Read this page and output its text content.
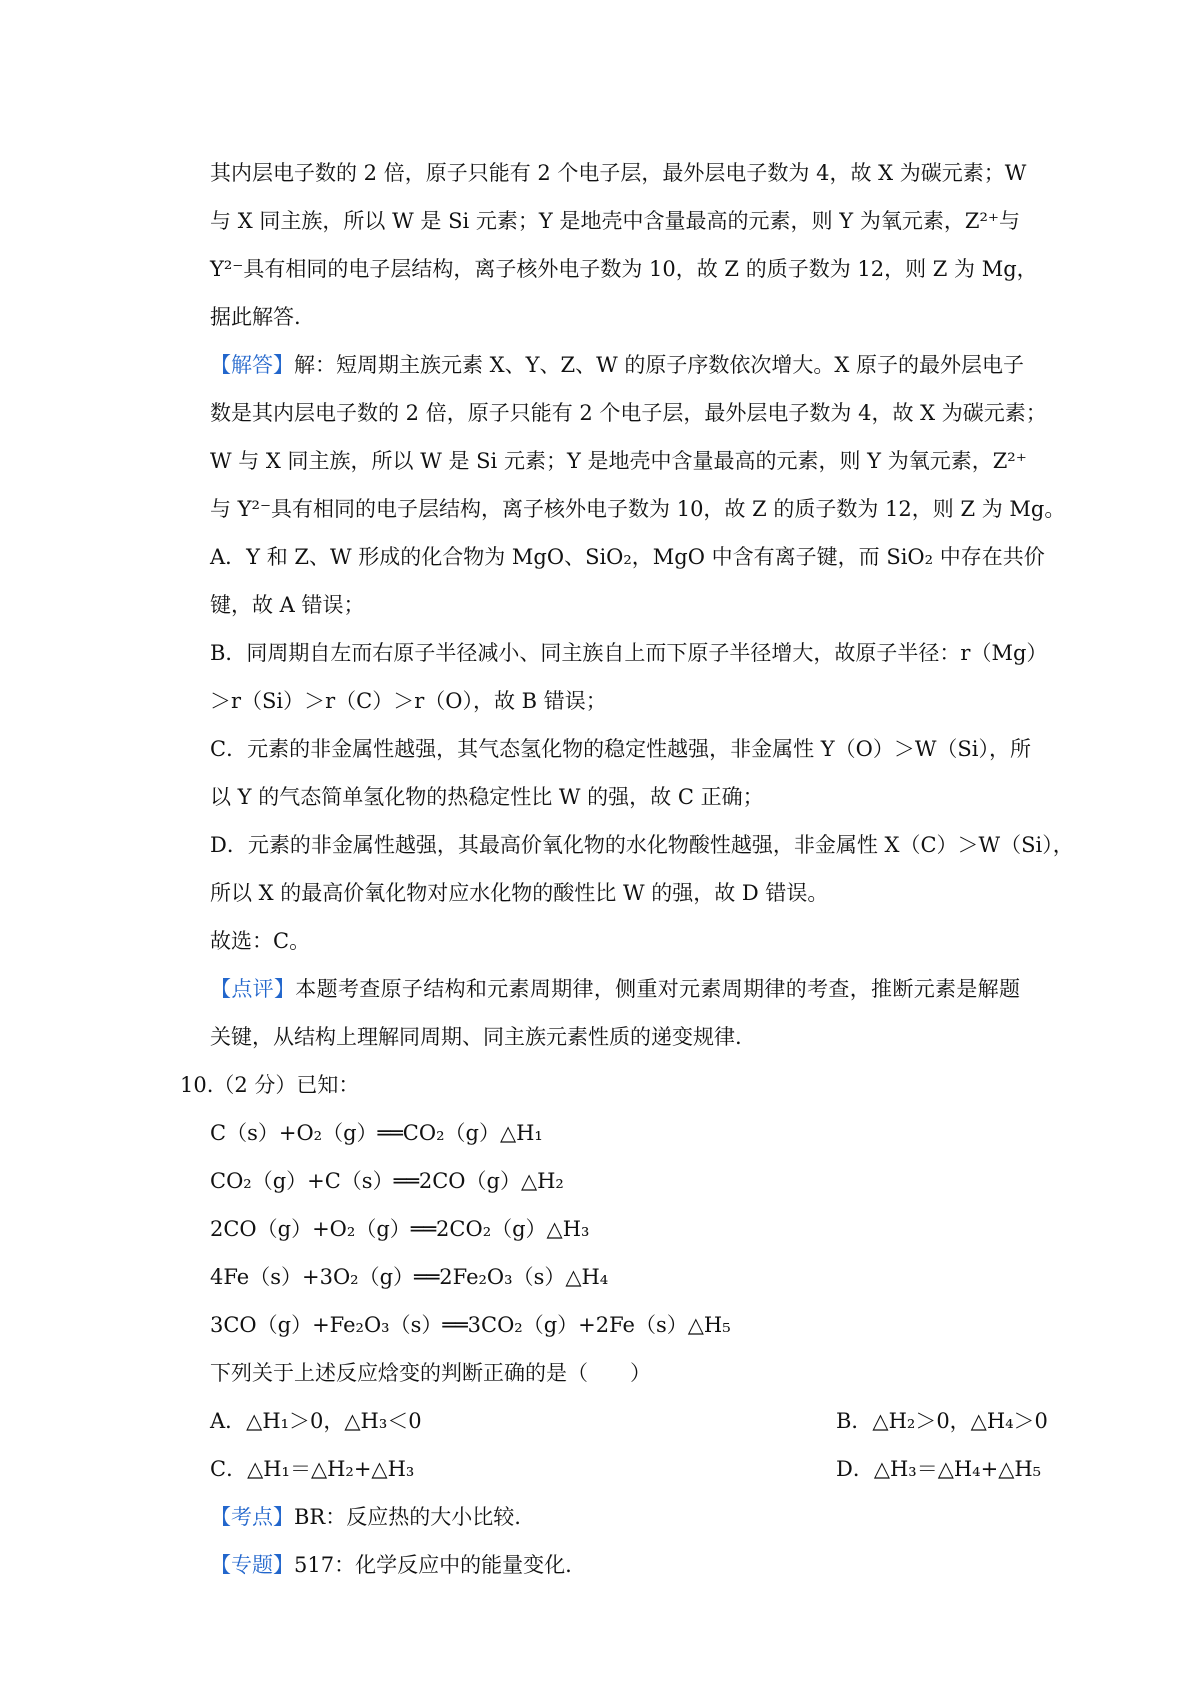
其内层电子数的 2 倍，原子只能有 2 个电子层，最外层电子数为 4，故 X 为碳元素；W
与 X 同主族，所以 W 是 Si 元素；Y 是地壳中含量最高的元素，则 Y 为氧元素，Z²⁺与
Y²⁻具有相同的电子层结构，离子核外电子数为 10，故 Z 的质子数为 12，则 Z 为 Mg，
据此解答.
【解答】解：短周期主族元素 X、Y、Z、W 的原子序数依次增大。X 原子的最外层电子
数是其内层电子数的 2 倍，原子只能有 2 个电子层，最外层电子数为 4，故 X 为碳元素；
W 与 X 同主族，所以 W 是 Si 元素；Y 是地壳中含量最高的元素，则 Y 为氧元素，Z²⁺
与 Y²⁻具有相同的电子层结构，离子核外电子数为 10，故 Z 的质子数为 12，则 Z 为 Mg。
A．Y 和 Z、W 形成的化合物为 MgO、SiO₂，MgO 中含有离子键，而 SiO₂ 中存在共价
键，故 A 错误；
B．同周期自左而右原子半径减小、同主族自上而下原子半径增大，故原子半径：r（Mg）
＞r（Si）＞r（C）＞r（O），故 B 错误；
C．元素的非金属性越强，其气态氢化物的稳定性越强，非金属性 Y（O）＞W（Si），所
以 Y 的气态简单氢化物的热稳定性比 W 的强，故 C 正确；
D．元素的非金属性越强，其最高价氧化物的水化物酸性越强，非金属性 X（C）＞W（Si），
所以 X 的最高价氧化物对应水化物的酸性比 W 的强，故 D 错误。
故选：C。
【点评】本题考查原子结构和元素周期律，侧重对元素周期律的考查，推断元素是解题
关键，从结构上理解同周期、同主族元素性质的递变规律.
10.（2 分）已知：
C（s）+O₂（g）══CO₂（g）△H₁
CO₂（g）+C（s）══2CO（g）△H₂
2CO（g）+O₂（g）══2CO₂（g）△H₃
4Fe（s）+3O₂（g）══2Fe₂O₃（s）△H₄
3CO（g）+Fe₂O₃（s）══3CO₂（g）+2Fe（s）△H₅
下列关于上述反应焓变的判断正确的是（　　）
A．△H₁＞0，△H₃＜0	B．△H₂＞0，△H₄＞0
C．△H₁＝△H₂+△H₃	D．△H₃＝△H₄+△H₅
【考点】BR：反应热的大小比较.
【专题】517：化学反应中的能量变化.
